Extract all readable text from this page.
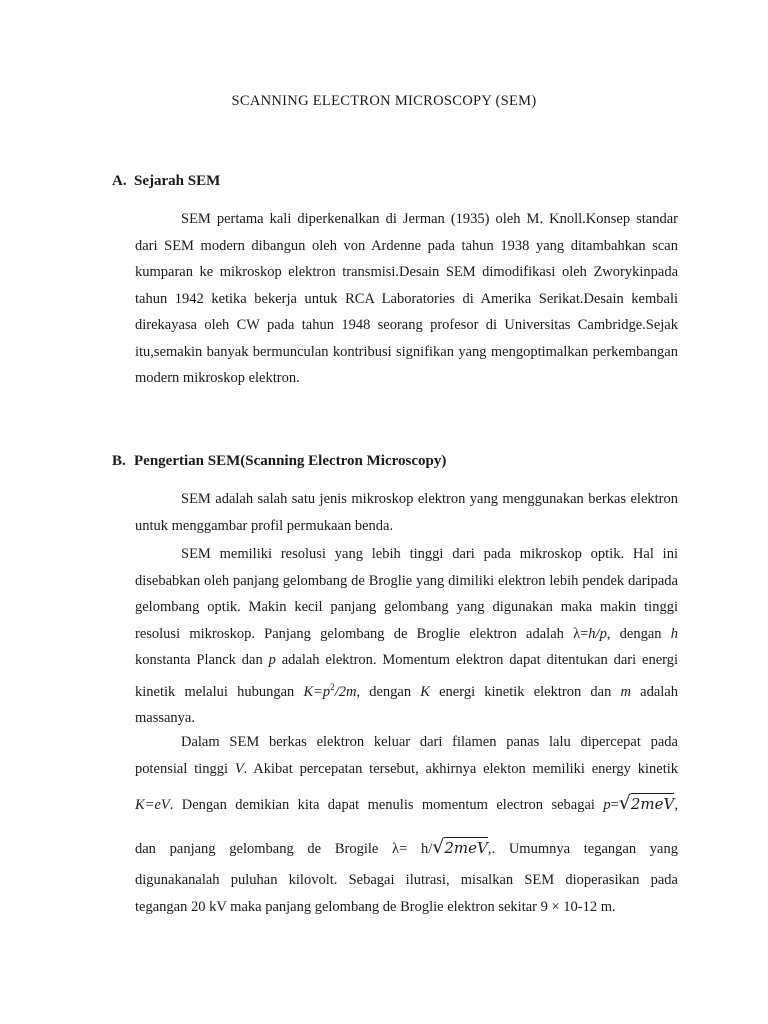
SCANNING ELECTRON MICROSCOPY (SEM)
A. Sejarah SEM

SEM pertama kali diperkenalkan di Jerman (1935) oleh M. Knoll.Konsep standar dari SEM modern dibangun oleh von Ardenne pada tahun 1938 yang ditambahkan scan kumparan ke mikroskop elektron transmisi.Desain SEM dimodifikasi oleh Zworykinpada tahun 1942 ketika bekerja untuk RCA Laboratories di Amerika Serikat.Desain kembali direkayasa oleh CW pada tahun 1948 seorang profesor di Universitas Cambridge.Sejak itu,semakin banyak bermunculan kontribusi signifikan yang mengoptimalkan perkembangan modern mikroskop elektron.

B. Pengertian SEM(Scanning Electron Microscopy)

SEM adalah salah satu jenis mikroskop elektron yang menggunakan berkas elektron untuk menggambar profil permukaan benda.

SEM memiliki resolusi yang lebih tinggi dari pada mikroskop optik. Hal ini disebabkan oleh panjang gelombang de Broglie yang dimiliki elektron lebih pendek daripada gelombang optik. Makin kecil panjang gelombang yang digunakan maka makin tinggi resolusi mikroskop. Panjang gelombang de Broglie elektron adalah λ=h/p, dengan h konstanta Planck dan p adalah elektron. Momentum elektron dapat ditentukan dari energi kinetik melalui hubungan $K=p^2/2m$, dengan K energi kinetik elektron dan m adalah massanya.

Dalam SEM berkas elektron keluar dari filamen panas lalu dipercepat pada
potensial tinggi V. Akibat percepatan tersebut, akhirnya elekton memiliki energy kinetik
K=eV. Dengan demikian kita dapat menulis momentum electron sebagai p=√2meV,
dan panjang gelombang de Brogile λ= h/√2meV,. Umumnya tegangan yang
digunakanalah puluhan kilovolt. Sebagai ilutrasi, misalkan SEM dioperasikan pada
tegangan 20 kV maka panjang gelombang de Broglie elektron sekitar 9 × 10-12 m.
